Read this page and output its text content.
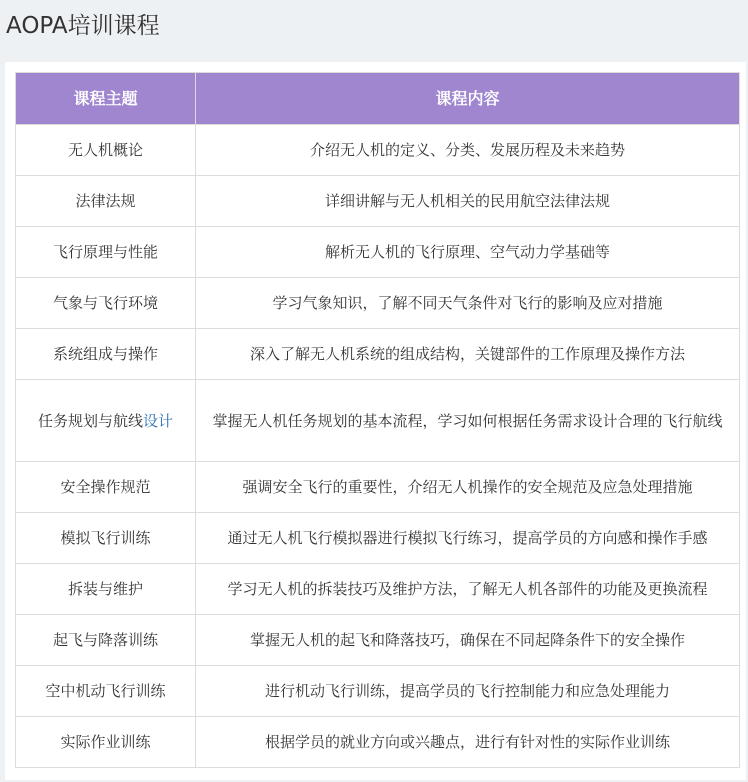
AOPA培训课程
课程主题	课程内容
无人机概论	介绍无人机的定义、分类、发展历程及未来趋势
法律法规	详细讲解与无人机相关的民用航空法律法规
飞行原理与性能	解析无人机的飞行原理、空气动力学基础等
气象与飞行环境	学习气象知识，了解不同天气条件对飞行的影响及应对措施
系统组成与操作	深入了解无人机系统的组成结构，关键部件的工作原理及操作方法
任务规划与航线设计	掌握无人机任务规划的基本流程，学习如何根据任务需求设计合理的飞行航线
安全操作规范	强调安全飞行的重要性，介绍无人机操作的安全规范及应急处理措施
模拟飞行训练	通过无人机飞行模拟器进行模拟飞行练习，提高学员的方向感和操作手感
拆装与维护	学习无人机的拆装技巧及维护方法，了解无人机各部件的功能及更换流程
起飞与降落训练	掌握无人机的起飞和降落技巧，确保在不同起降条件下的安全操作
空中机动飞行训练	进行机动飞行训练，提高学员的飞行控制能力和应急处理能力
实际作业训练	根据学员的就业方向或兴趣点，进行有针对性的实际作业训练
